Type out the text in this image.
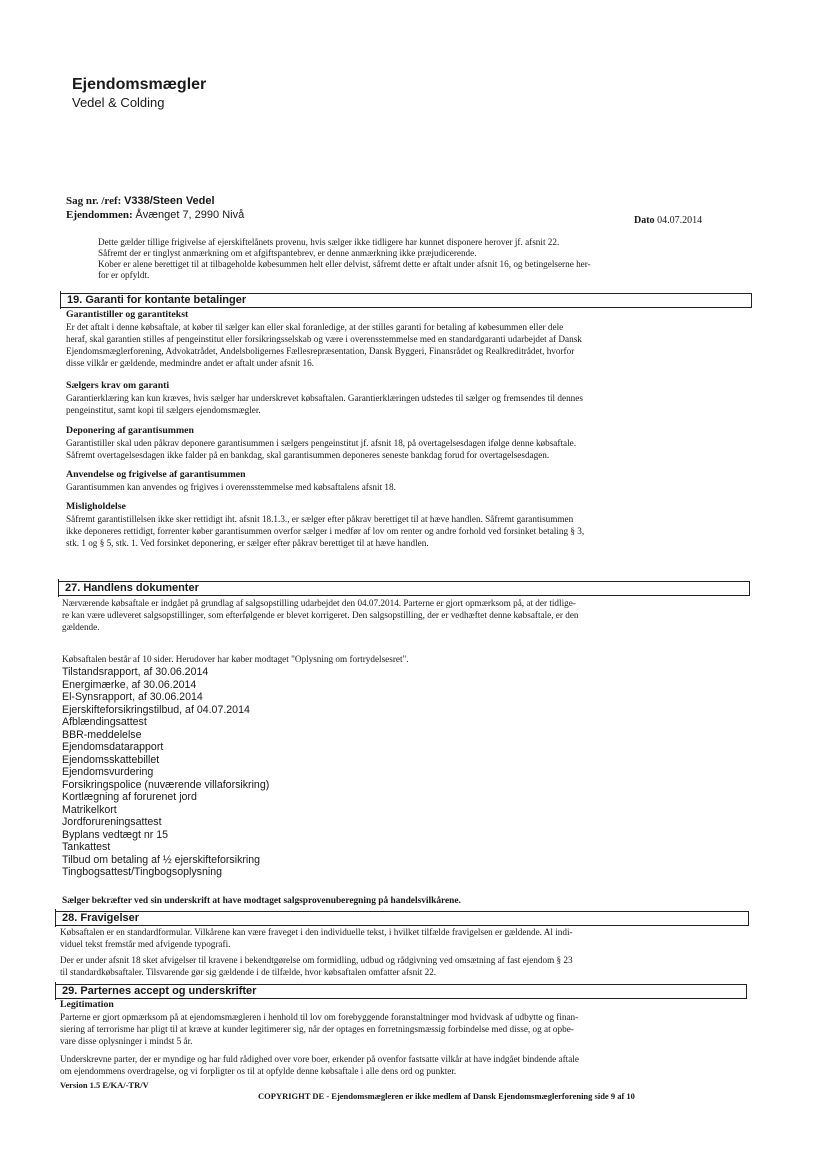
Ejendomsmægler
Vedel & Colding
Sag nr. /ref: V338/Steen Vedel
Ejendommen: Åvænget 7, 2990 Nivå	Dato 04.07.2014
Dette gælder tillige frigivelse af ejerskiftelånets provenu, hvis sælger ikke tidligere har kunnet disponere herover jf. afsnit 22.
Såfremt der er tinglyst anmærkning om et afgiftspantebrev, er denne anmærkning ikke præjudicerende.
Kober er alene berettiget til at tilbageholde købesummen helt eller delvist, såfremt dette er aftalt under afsnit 16, og betingelserne her-
for er opfyldt.
19. Garanti for kontante betalinger
Garantistiller og garantitekst
Er det aftalt i denne købsaftale, at køber til sælger kan eller skal foranledige, at der stilles garanti for betaling af købesummen eller dele
heraf, skal garantien stilles af pengeinstitut eller forsikringsselskab og være i overensstemmelse med en standardgaranti udarbejdet af Dansk
Ejendomsmæglerforening, Advokatrådet, Andelsboligernes Fællesrepræsentation, Dansk Byggeri, Finansrådet og Realkreditrådet, hvorfor
disse vilkår er gældende, medmindre andet er aftalt under afsnit 16.
Sælgers krav om garanti
Garantierklæring kan kun kræves, hvis sælger har underskrevet købsaftalen. Garantierklæringen udstedes til sælger og fremsendes til dennes
pengeinstitut, samt kopi til sælgers ejendomsmægler.
Deponering af garantisummen
Garantistiller skal uden påkrav deponere garantisummen i sælgers pengeinstitut jf. afsnit 18, på overtagelsesdagen ifølge denne købsaftale.
Såfremt overtagelsesdagen ikke falder på en bankdag, skal garantisummen deponeres seneste bankdag forud for overtagelsesdagen.
Anvendelse og frigivelse af garantisummen
Garantisummen kan anvendes og frigives i overensstemmelse med købsaftalens afsnit 18.
Misligholdelse
Såfremt garantistillelsen ikke sker rettidigt iht. afsnit 18.1.3., er sælger efter påkrav berettiget til at hæve handlen. Såfremt garantisummen
ikke deponeres rettidigt, forrenter køber garantisummen overfor sælger i medfør af lov om renter og andre forhold ved forsinket betaling § 3,
stk. 1 og § 5, stk. 1. Ved forsinket deponering, er sælger efter påkrav berettiget til at hæve handlen.
27. Handlens dokumenter
Nærværende købsaftale er indgået på grundlag af salgsopstilling udarbejdet den 04.07.2014. Parterne er gjort opmærksom på, at der tidlige-
re kan være udleveret salgsopstillinger, som efterfølgende er blevet korrigeret. Den salgsopstilling, der er vedhæftet denne købsaftale, er den
gældende.
Købsaftalen består af 10 sider. Herudover har køber modtaget "Oplysning om fortrydelsesret".
Tilstandsrapport, af 30.06.2014
Energimærke, af 30.06.2014
El-Synsrapport, af 30.06.2014
Ejerskifteforsikringstilbud, af 04.07.2014
Afblændingsattest
BBR-meddelelse
Ejendomsdatarapport
Ejendomsskattebillet
Ejendomsvurdering
Forsikringspolice (nuværende villaforsikring)
Kortlægning af forurenet jord
Matrikelkort
Jordforureningsattest
Byplans vedtægt nr 15
Tankattest
Tilbud om betaling af ½ ejerskifteforsikring
Tingbogsattest/Tingbogsoplysning
Sælger bekræfter ved sin underskrift at have modtaget salgsprovenuberegning på handelsvilkårene.
28. Fravigelser
Købsaftalen er en standardformular. Vilkårene kan være fraveget i den individuelle tekst, i hvilket tilfælde fravigelsen er gældende. Al indi-
viduel tekst fremstår med afvigende typografi.
Der er under afsnit 18 sket afvigelser til kravene i bekendtgørelse om formidling, udbud og rådgivning ved omsætning af fast ejendom § 23
til standardkøbsaftaler. Tilsvarende gør sig gældende i de tilfælde, hvor købsaftalen omfatter afsnit 22.
29. Parternes accept og underskrifter
Legitimation
Parterne er gjort opmærksom på at ejendomsmægleren i henhold til lov om forebyggende foranstaltninger mod hvidvask af udbytte og finan-
siering af terrorisme har pligt til at kræve at kunder legitimerer sig, når der optages en forretningsmæssig forbindelse med disse, og at opbe-
vare disse oplysninger i mindst 5 år.
Underskrevne parter, der er myndige og har fuld rådighed over vore boer, erkender på ovenfor fastsatte vilkår at have indgået bindende aftale
om ejendommens overdragelse, og vi forpligter os til at opfylde denne købsaftale i alle dens ord og punkter.
Version 1.5 E/KA/-TR/V
COPYRIGHT DE - Ejendomsmægleren er ikke medlem af Dansk Ejendomsmæglerforening side 9 af 10
